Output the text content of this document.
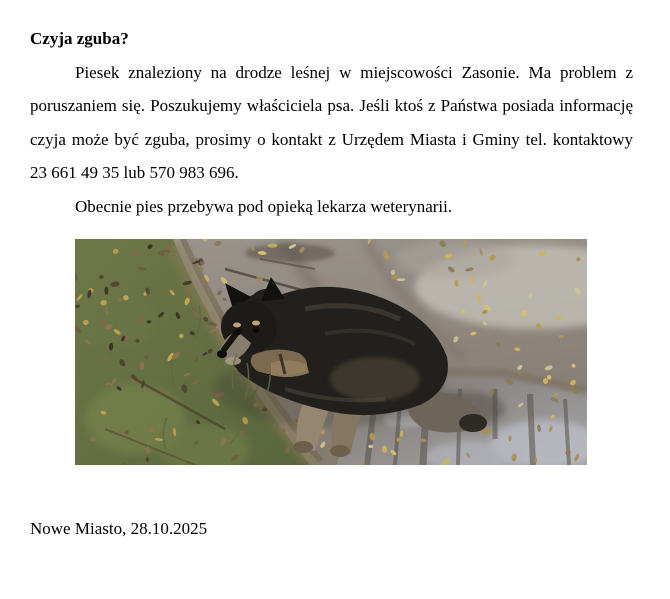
Czyja zguba?

Piesek znaleziony na drodze leśnej w miejscowości Zasonie. Ma problem z poruszaniem się. Poszukujemy właściciela psa. Jeśli ktoś z Państwa posiada informację czyja może być zguba, prosimy o kontakt z Urzędem Miasta i Gminy tel. kontaktowy 23 661 49 35 lub 570 983 696.

Obecnie pies przebywa pod opieką lekarza weterynarii.

Nowe Miasto, 28.10.2025
